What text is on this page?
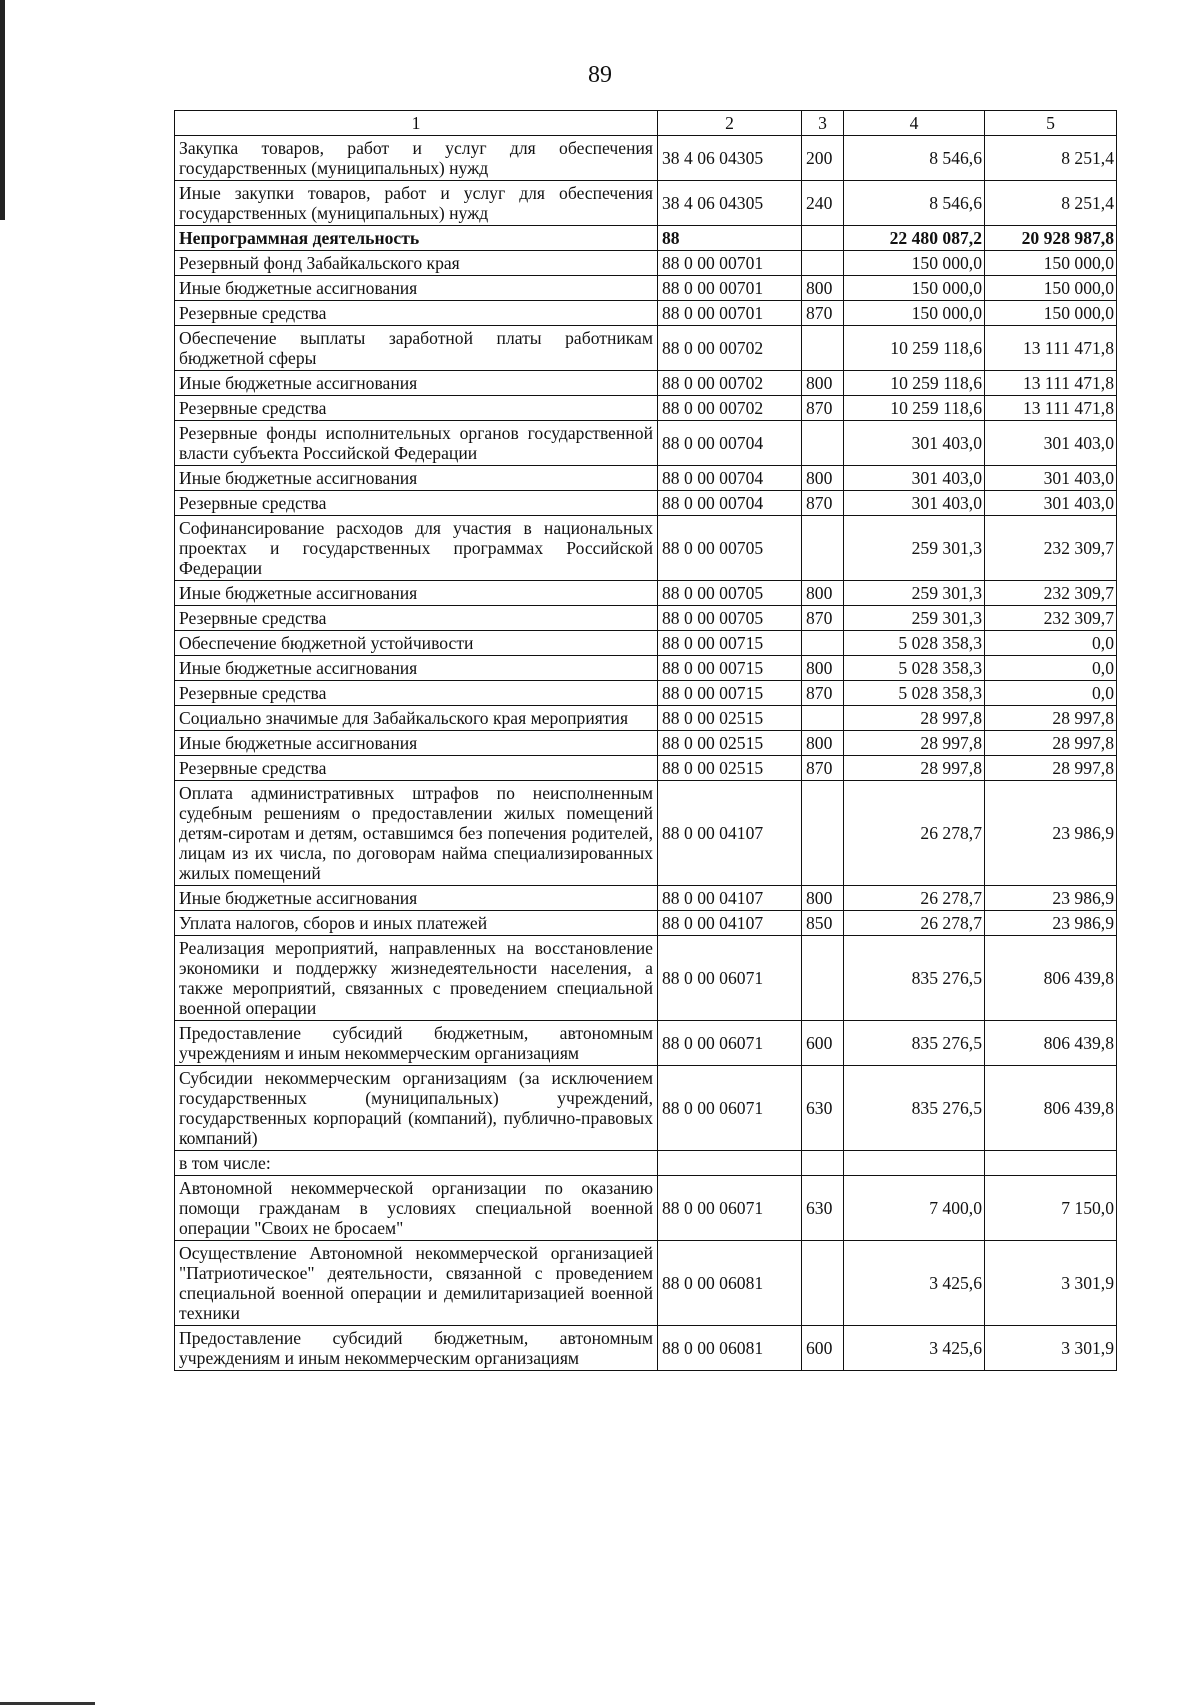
89
1	2	3	4	5
Закупка товаров, работ и услуг для обеспечения государственных (муниципальных) нужд	38 4 06 04305	200	8 546,6	8 251,4
Иные закупки товаров, работ и услуг для обеспечения государственных (муниципальных) нужд	38 4 06 04305	240	8 546,6	8 251,4
Непрограммная деятельность	88		22 480 087,2	20 928 987,8
Резервный фонд Забайкальского края	88 0 00 00701		150 000,0	150 000,0
Иные бюджетные ассигнования	88 0 00 00701	800	150 000,0	150 000,0
Резервные средства	88 0 00 00701	870	150 000,0	150 000,0
Обеспечение выплаты заработной платы работникам бюджетной сферы	88 0 00 00702		10 259 118,6	13 111 471,8
Иные бюджетные ассигнования	88 0 00 00702	800	10 259 118,6	13 111 471,8
Резервные средства	88 0 00 00702	870	10 259 118,6	13 111 471,8
Резервные фонды исполнительных органов государственной власти субъекта Российской Федерации	88 0 00 00704		301 403,0	301 403,0
Иные бюджетные ассигнования	88 0 00 00704	800	301 403,0	301 403,0
Резервные средства	88 0 00 00704	870	301 403,0	301 403,0
Софинансирование расходов для участия в национальных проектах и государственных программах Российской Федерации	88 0 00 00705		259 301,3	232 309,7
Иные бюджетные ассигнования	88 0 00 00705	800	259 301,3	232 309,7
Резервные средства	88 0 00 00705	870	259 301,3	232 309,7
Обеспечение бюджетной устойчивости	88 0 00 00715		5 028 358,3	0,0
Иные бюджетные ассигнования	88 0 00 00715	800	5 028 358,3	0,0
Резервные средства	88 0 00 00715	870	5 028 358,3	0,0
Социально значимые для Забайкальского края мероприятия	88 0 00 02515		28 997,8	28 997,8
Иные бюджетные ассигнования	88 0 00 02515	800	28 997,8	28 997,8
Резервные средства	88 0 00 02515	870	28 997,8	28 997,8
Оплата административных штрафов по неисполненным судебным решениям о предоставлении жилых помещений детям-сиротам и детям, оставшимся без попечения родителей, лицам из их числа, по договорам найма специализированных жилых помещений	88 0 00 04107		26 278,7	23 986,9
Иные бюджетные ассигнования	88 0 00 04107	800	26 278,7	23 986,9
Уплата налогов, сборов и иных платежей	88 0 00 04107	850	26 278,7	23 986,9
Реализация мероприятий, направленных на восстановление экономики и поддержку жизнедеятельности населения, а также мероприятий, связанных с проведением специальной военной операции	88 0 00 06071		835 276,5	806 439,8
Предоставление субсидий бюджетным, автономным учреждениям и иным некоммерческим организациям	88 0 00 06071	600	835 276,5	806 439,8
Субсидии некоммерческим организациям (за исключением государственных (муниципальных) учреждений, государственных корпораций (компаний), публично-правовых компаний)	88 0 00 06071	630	835 276,5	806 439,8
в том числе:				
Автономной некоммерческой организации по оказанию помощи гражданам в условиях специальной военной операции "Своих не бросаем"	88 0 00 06071	630	7 400,0	7 150,0
Осуществление Автономной некоммерческой организацией "Патриотическое" деятельности, связанной с проведением специальной военной операции и демилитаризацией военной техники	88 0 00 06081		3 425,6	3 301,9
Предоставление субсидий бюджетным, автономным учреждениям и иным некоммерческим организациям	88 0 00 06081	600	3 425,6	3 301,9
